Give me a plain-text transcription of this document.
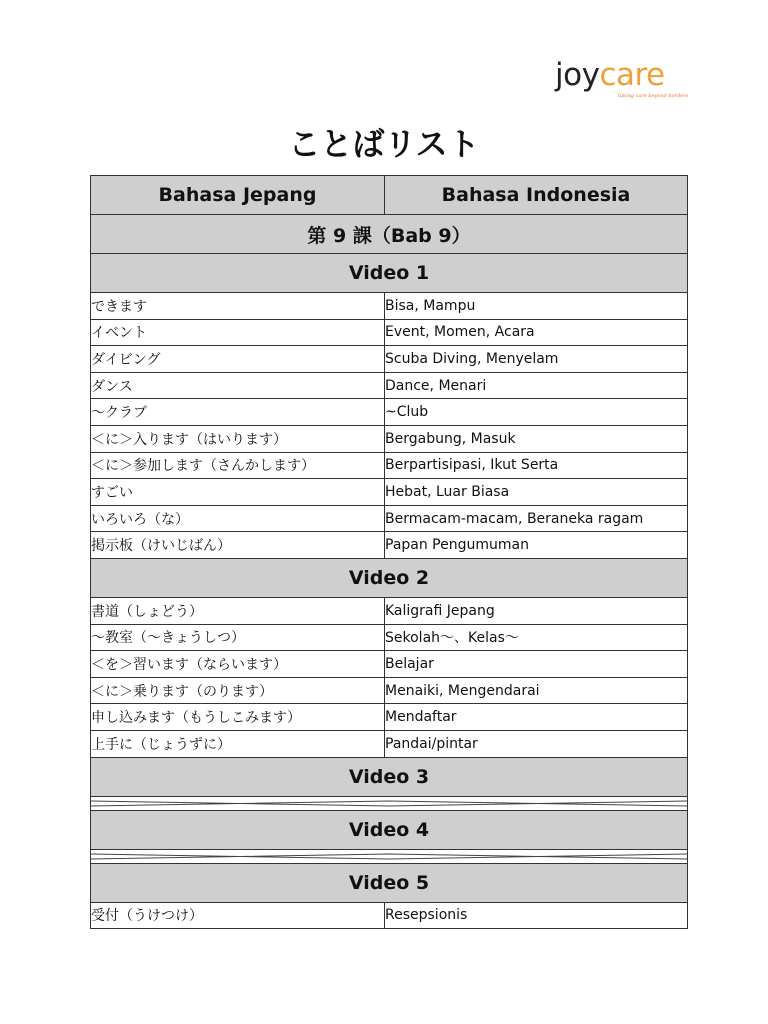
joycare
Taking care beyond borders
ことばリスト
Bahasa Jepang	Bahasa Indonesia
第 9 課（Bab 9）	
Video 1	
できます	Bisa, Mampu
イベント	Event, Momen, Acara
ダイビング	Scuba Diving, Menyelam
ダンス	Dance, Menari
～クラブ	~Club
＜に＞入ります（はいります）	Bergabung, Masuk
＜に＞参加します（さんかします）	Berpartisipasi, Ikut Serta
すごい	Hebat, Luar Biasa
いろいろ（な）	Bermacam-macam, Beraneka ragam
掲示板（けいじばん）	Papan Pengumuman
Video 2	
書道（しょどう）	Kaligrafi Jepang
～教室（～きょうしつ）	Sekolah～、Kelas～
＜を＞習います（ならいます）	Belajar
＜に＞乗ります（のります）	Menaiki, Mengendarai
申し込みます（もうしこみます）	Mendaftar
上手に（じょうずに）	Pandai/pintar
Video 3	

Video 4	

Video 5	
受付（うけつけ）	Resepsionis
